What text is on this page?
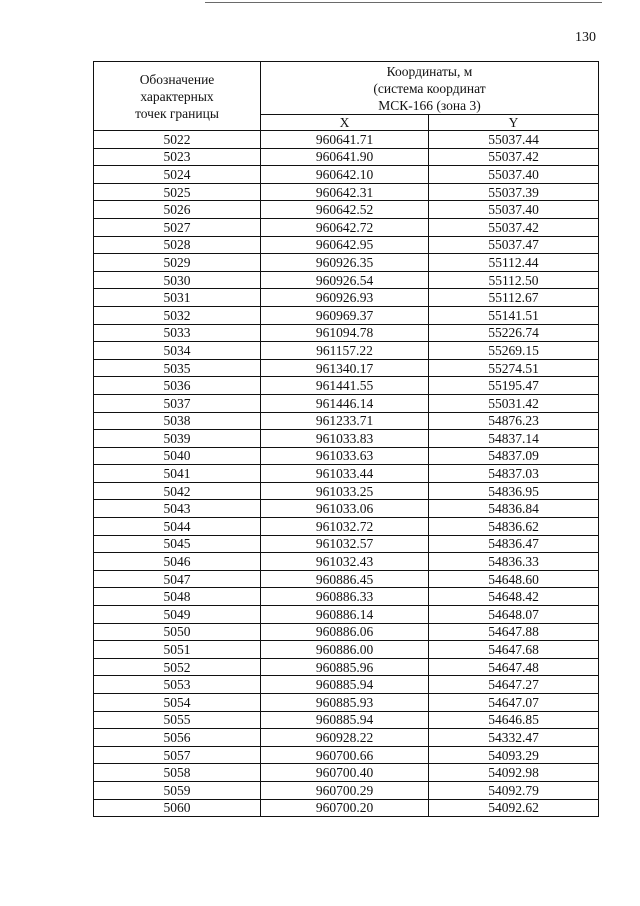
130
Обозначение
характерных
точек границы	Координаты, м
(система координат
МСК-166 (зона 3)	

	X	Y
5022	960641.71	55037.44
5023	960641.90	55037.42
5024	960642.10	55037.40
5025	960642.31	55037.39
5026	960642.52	55037.40
5027	960642.72	55037.42
5028	960642.95	55037.47
5029	960926.35	55112.44
5030	960926.54	55112.50
5031	960926.93	55112.67
5032	960969.37	55141.51
5033	961094.78	55226.74
5034	961157.22	55269.15
5035	961340.17	55274.51
5036	961441.55	55195.47
5037	961446.14	55031.42
5038	961233.71	54876.23
5039	961033.83	54837.14
5040	961033.63	54837.09
5041	961033.44	54837.03
5042	961033.25	54836.95
5043	961033.06	54836.84
5044	961032.72	54836.62
5045	961032.57	54836.47
5046	961032.43	54836.33
5047	960886.45	54648.60
5048	960886.33	54648.42
5049	960886.14	54648.07
5050	960886.06	54647.88
5051	960886.00	54647.68
5052	960885.96	54647.48
5053	960885.94	54647.27
5054	960885.93	54647.07
5055	960885.94	54646.85
5056	960928.22	54332.47
5057	960700.66	54093.29
5058	960700.40	54092.98
5059	960700.29	54092.79
5060	960700.20	54092.62
